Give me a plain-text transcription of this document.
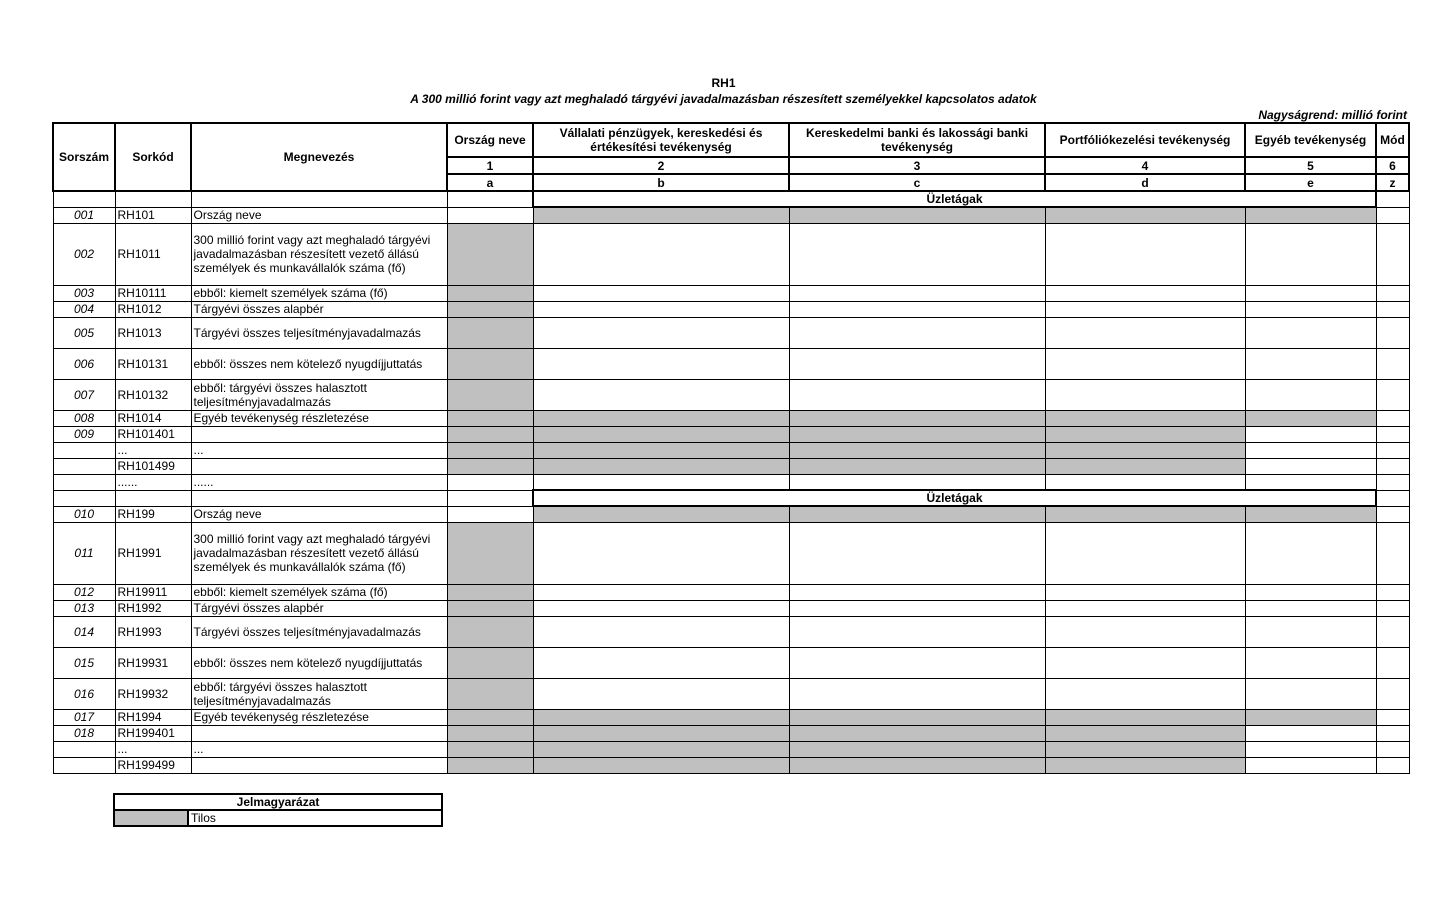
RH1
A 300 millió forint vagy azt meghaladó tárgyévi javadalmazásban részesített személyekkel kapcsolatos adatok
Nagyságrend: millió forint
Sorszám	Sorkód	Megnevezés	Ország neve	Vállalati pénzügyek, kereskedési és értékesítési tevékenység	Kereskedelmi banki és lakossági banki tevékenység	Portfóliókezelési tevékenység	Egyéb tevékenység	Mód
			1	2	3	4	5	6
			a	b	c	d	e	z
				Üzletágak				
001	RH101	Ország neve						
002	RH1011	300 millió forint vagy azt meghaladó tárgyévi javadalmazásban részesített vezető állású személyek és munkavállalók száma (fő)						
003	RH10111	ebből: kiemelt személyek száma (fő)						
004	RH1012	Tárgyévi összes alapbér						
005	RH1013	Tárgyévi összes teljesítményjavadalmazás						
006	RH10131	ebből: összes nem kötelező nyugdíjjuttatás						
007	RH10132	ebből: tárgyévi összes halasztott teljesítményjavadalmazás						
008	RH1014	Egyéb tevékenység részletezése						
009	RH101401							
	...	...						
	RH101499							
	......	......						
				Üzletágak				
010	RH199	Ország neve						
011	RH1991	300 millió forint vagy azt meghaladó tárgyévi javadalmazásban részesített vezető állású személyek és munkavállalók száma (fő)						
012	RH19911	ebből: kiemelt személyek száma (fő)						
013	RH1992	Tárgyévi összes alapbér						
014	RH1993	Tárgyévi összes teljesítményjavadalmazás						
015	RH19931	ebből: összes nem kötelező nyugdíjjuttatás						
016	RH19932	ebből: tárgyévi összes halasztott teljesítményjavadalmazás						
017	RH1994	Egyéb tevékenység részletezése						
018	RH199401							
	...	...						
	RH199499							
Jelmagyarázat
	Tilos
